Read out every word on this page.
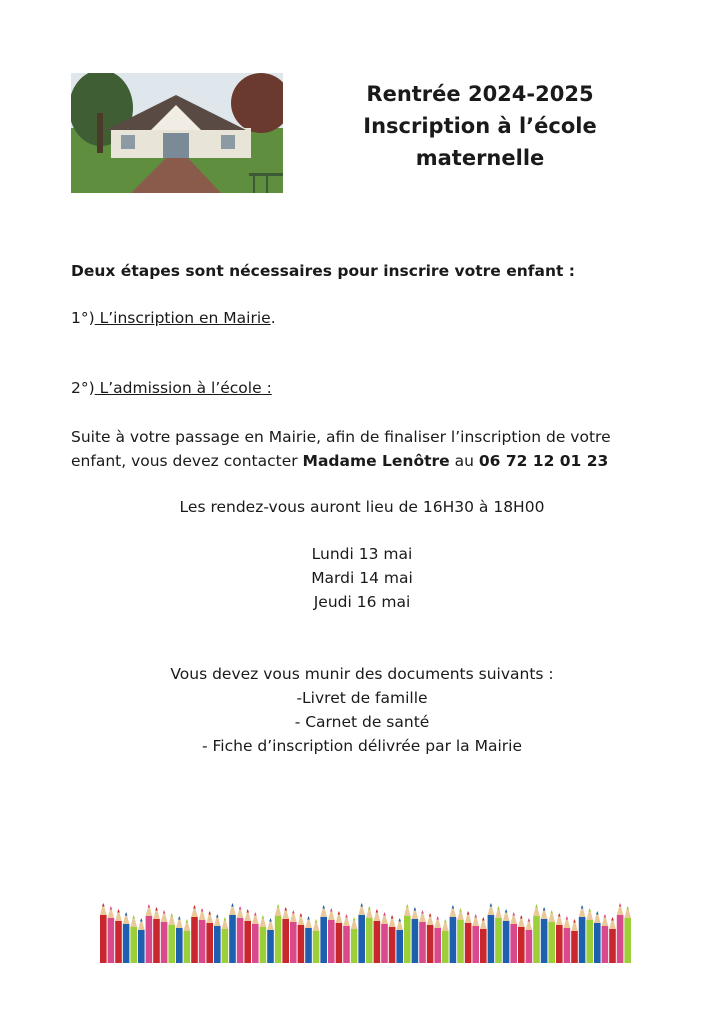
Rentrée 2024-2025
Inscription à l’école
maternelle
Deux étapes sont nécessaires pour inscrire votre enfant :
1°) L’inscription en Mairie.
2°) L’admission à l’école :
Suite à votre passage en Mairie, afin de finaliser l’inscription de votre
enfant, vous devez contacter Madame Lenôtre au 06 72 12 01 23
Les rendez-vous auront lieu de 16H30 à 18H00
Lundi 13 mai
Mardi 14 mai
Jeudi 16 mai
Vous devez vous munir des documents suivants :
-Livret de famille
- Carnet de santé
- Fiche d’inscription délivrée par la Mairie
